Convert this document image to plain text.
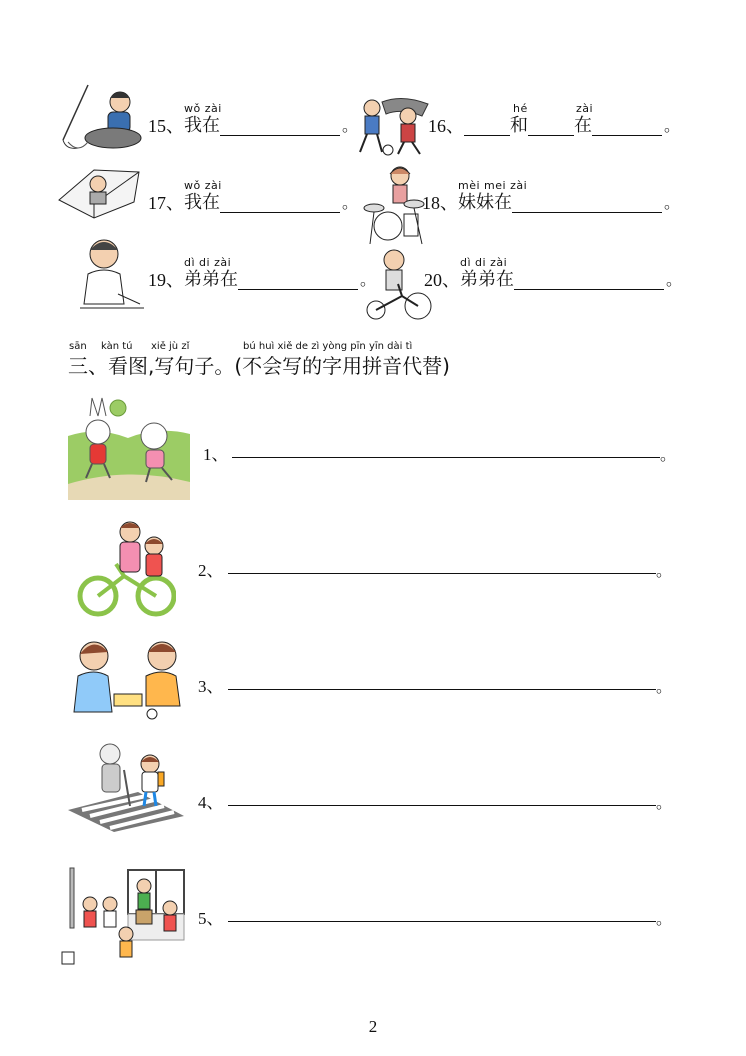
15、
wǒ zài
我在	。	16、
hé
和
zài
在	。
17、
wǒ zài
我在	。	18、
mèi mei zài
妹妹在	。
19、
dì di zài
弟弟在	。	20、
dì di zài
弟弟在	。
sān kàn tú xiě jù zǐ	bú huì xiě de zì yòng pīn yīn dài tì
三、看图,写句子。(不会写的字用拼音代替)
1、	。
2、	。
3、	。
4、	。
5、	。
2
